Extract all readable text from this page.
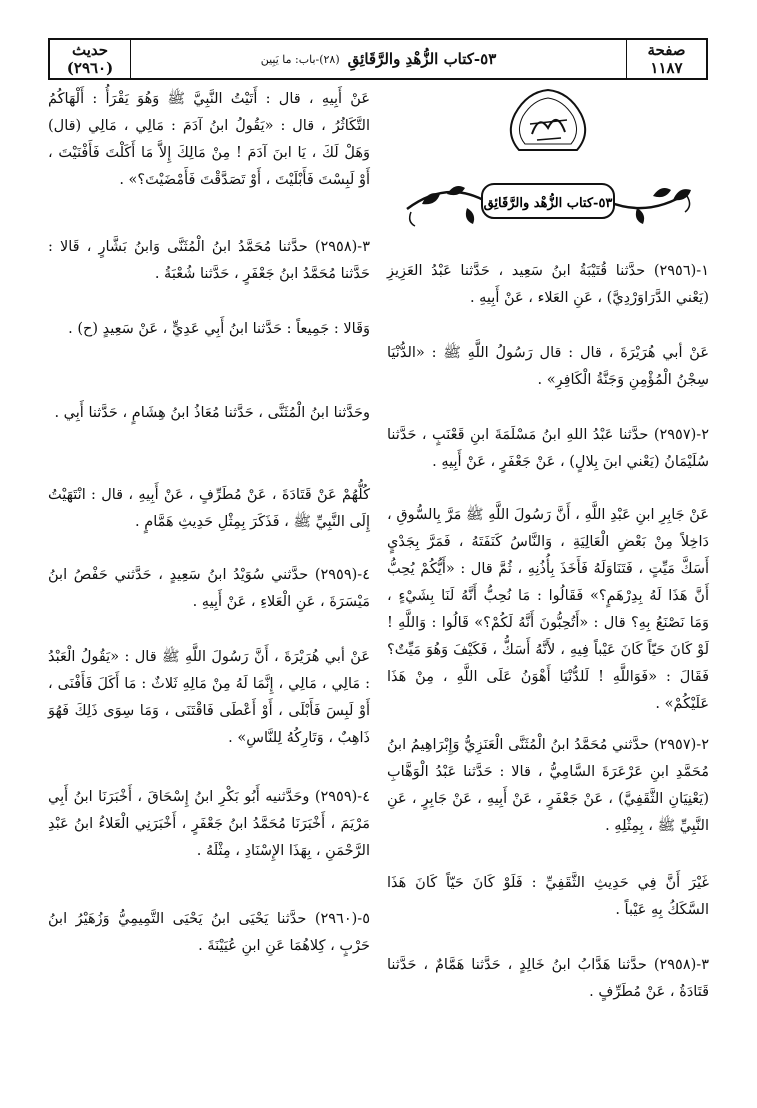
صفحة
١١٨٧
٥٣-كتاب الزُّهْدِ والرَّقَائِقِ
(٢٨)-باب: ما يَبِين
حديث
(٢٩٦٠)
٥٣-كتاب الزُّهْد والرَّقَائِق
١-(٢٩٥٦) حدَّثنا قُتَيْبَةُ ابنُ سَعِيد ، حَدَّثنا عَبْدُ العَزِيزِ (يَعْني الدَّرَاوَرْدِيَّ) ، عَنِ العَلاء ، عَنْ أَبِيهِ .
عَنْ أبي هُرَيْرَةَ ، قال : قال رَسُولُ اللَّهِ ﷺ : «الدُّنْيَا سِجْنُ الْمُؤْمِنِ وَجَنَّةُ الْكَافِرِ» .
٢-(٢٩٥٧) حدَّثنا عَبْدُ اللهِ ابنُ مَسْلَمَةَ ابنِ قَعْنَبٍ ، حَدَّثنا سُلَيْمَانُ (يَعْني ابنَ بِلالٍ) ، عَنْ جَعْفَرٍ ، عَنْ أَبِيهِ .
عَنْ جَابِرِ ابنِ عَبْدِ اللَّهِ ، أَنَّ رَسُولَ اللَّهِ ﷺ مَرَّ بِالسُّوقِ ، دَاخِلاً مِنْ بَعْضِ الْعَالِيَةِ ، وَالنَّاسُ كَنَفَتَهُ ، فَمَرَّ بِجَدْيٍ أَسَكَّ مَيِّتٍ ، فَتَنَاوَلَهُ فَأَخَذَ بِأُذُنِهِ ، ثُمَّ قال : «أَيُّكُمْ يُحِبُّ أَنَّ هَذَا لَهُ بِدِرْهَمٍ؟» فَقَالُوا : مَا نُحِبُّ أَنَّهُ لَنَا بِشَيْءٍ ، وَمَا نَصْنَعُ بِهِ؟ قال : «أَتُحِبُّونَ أَنَّهُ لَكُمْ؟» قَالُوا : وَاللَّهِ ! لَوْ كَانَ حَيّاً كَانَ عَيْباً فِيهِ ، لأَنَّهُ أَسَكُّ ، فَكَيْفَ وَهُوَ مَيِّتٌ؟ فَقَالَ : «فَوَاللَّهِ ! لَلدُّنْيَا أَهْوَنُ عَلَى اللَّهِ ، مِنْ هَذَا عَلَيْكُمْ» .
٢-(٢٩٥٧) حدَّثني مُحَمَّدُ ابنُ الْمُثَنَّى الْعَنَزِيُّ وَإِبْرَاهِيمُ ابنُ مُحَمَّدِ ابنِ عَرْعَرَةَ السَّامِيُّ ، قالا : حَدَّثنا عَبْدُ الْوَهَّابِ (يَعْنِيَانِ الثَّقَفِيَّ) ، عَنْ جَعْفَرٍ ، عَنْ أَبِيهِ ، عَنْ جَابِرٍ ، عَنِ النَّبِيِّ ﷺ ، بِمِثْلِهِ .
غَيْرَ أَنَّ فِي حَدِيثِ الثَّقَفِيِّ : فَلَوْ كَانَ حَيّاً كَانَ هَذَا السَّكَكُ بِهِ عَيْباً .
٣-(٢٩٥٨) حدَّثنا هَدَّابُ ابنُ خَالِدٍ ، حَدَّثنا هَمَّامٌ ، حَدَّثنا قَتَادَةُ ، عَنْ مُطَرِّفٍ .
عَنْ أَبِيهِ ، قال : أَتَيْتُ النَّبِيَّ ﷺ وَهُوَ يَقْرَأُ : أَلْهَاكُمُ التَّكَاثُرُ ، قال : «يَقُولُ ابنُ آدَمَ : مَالِي ، مَالِي (قال) وَهَلْ لَكَ ، يَا ابنَ آدَمَ ! مِنْ مَالِكَ إِلاَّ مَا أَكَلْتَ فَأَفْنَيْتَ ، أَوْ لَبِسْتَ فَأَبْلَيْتَ ، أَوْ تَصَدَّقْتَ فَأَمْضَيْتَ؟» .
٣-(٢٩٥٨) حدَّثنا مُحَمَّدُ ابنُ الْمُثَنَّى وَابنُ بَشَّارٍ ، قَالا : حَدَّثنا مُحَمَّدُ ابنُ جَعْفَرٍ ، حَدَّثنا شُعْبَةُ .
وَقَالا : جَمِيعاً : حَدَّثنا ابنُ أَبِي عَدِيٍّ ، عَنْ سَعِيدٍ (ح) .
وحَدَّثنا ابنُ الْمُثَنَّى ، حَدَّثنا مُعَاذُ ابنُ هِشَامٍ ، حَدَّثنا أَبِي .
كُلُّهُمْ عَنْ قَتَادَةَ ، عَنْ مُطَرِّفٍ ، عَنْ أَبِيهِ ، قال : انْتَهَيْتُ إِلَى النَّبِيِّ ﷺ ، فَذَكَرَ بِمِثْلِ حَدِيثِ هَمَّامٍ .
٤-(٢٩٥٩) حدَّثني سُوَيْدُ ابنُ سَعِيدٍ ، حَدَّثني حَفْصُ ابنُ مَيْسَرَةَ ، عَنِ الْعَلاءِ ، عَنْ أَبِيهِ .
عَنْ أبي هُرَيْرَةَ ، أَنَّ رَسُولَ اللَّهِ ﷺ قال : «يَقُولُ الْعَبْدُ : مَالِي ، مَالِي ، إِنَّمَا لَهُ مِنْ مَالِهِ ثَلاثٌ : مَا أَكَلَ فَأَفْنَى ، أَوْ لَبِسَ فَأَبْلَى ، أَوْ أَعْطَى فَاقْتَنَى ، وَمَا سِوَى ذَلِكَ فَهُوَ ذَاهِبٌ ، وَتَارِكُهُ لِلنَّاسِ» .
٤-(٢٩٥٩) وحَدَّثنيه أَبُو بَكْرِ ابنُ إِسْحَاقَ ، أَخْبَرَنَا ابنُ أَبِي مَرْيَمَ ، أَخْبَرَنَا مُحَمَّدُ ابنُ جَعْفَرٍ ، أَخْبَرَنِي الْعَلاءُ ابنُ عَبْدِ الرَّحْمَنِ ، بِهَذَا الإِسْنَادِ ، مِثْلَهُ .
٥-(٢٩٦٠) حدَّثنا يَحْيَى ابنُ يَحْيَى التَّمِيمِيُّ وَزُهَيْرُ ابنُ حَرْبٍ ، كِلاهُمَا عَنِ ابنِ عُيَيْنَةَ .
